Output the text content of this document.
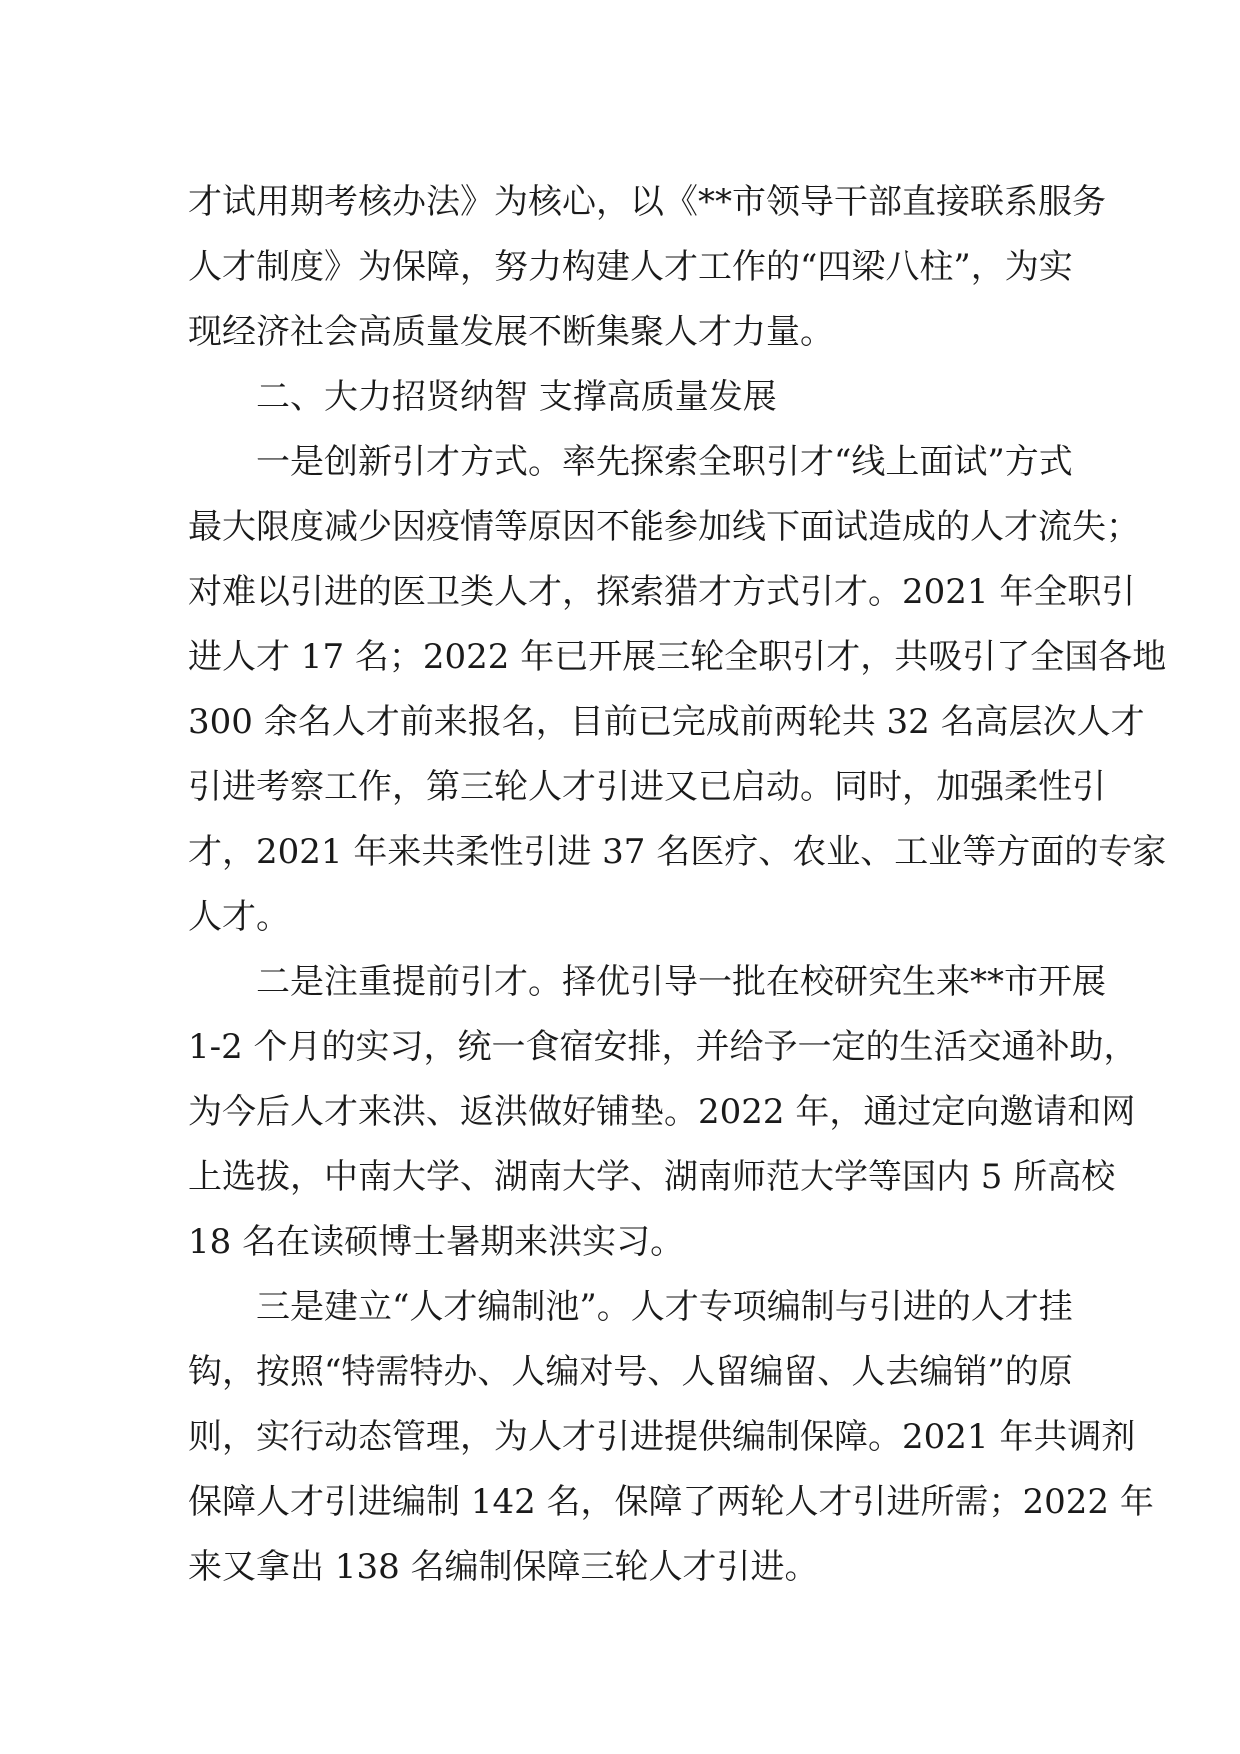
才试用期考核办法》为核心，以《**市领导干部直接联系服务
人才制度》为保障，努力构建人才工作的“四梁八柱”，为实
现经济社会高质量发展不断集聚人才力量。
二、大力招贤纳智 支撑高质量发展
一是创新引才方式。率先探索全职引才“线上面试”方式
最大限度减少因疫情等原因不能参加线下面试造成的人才流失；
对难以引进的医卫类人才，探索猎才方式引才。2021 年全职引
进人才 17 名；2022 年已开展三轮全职引才，共吸引了全国各地
300 余名人才前来报名，目前已完成前两轮共 32 名高层次人才
引进考察工作，第三轮人才引进又已启动。同时，加强柔性引
才，2021 年来共柔性引进 37 名医疗、农业、工业等方面的专家
人才。
二是注重提前引才。择优引导一批在校研究生来**市开展
1-2 个月的实习，统一食宿安排，并给予一定的生活交通补助，
为今后人才来洪、返洪做好铺垫。2022 年，通过定向邀请和网
上选拔，中南大学、湖南大学、湖南师范大学等国内 5 所高校
18 名在读硕博士暑期来洪实习。
三是建立“人才编制池”。人才专项编制与引进的人才挂
钩，按照“特需特办、人编对号、人留编留、人去编销”的原
则，实行动态管理，为人才引进提供编制保障。2021 年共调剂
保障人才引进编制 142 名，保障了两轮人才引进所需；2022 年
来又拿出 138 名编制保障三轮人才引进。
